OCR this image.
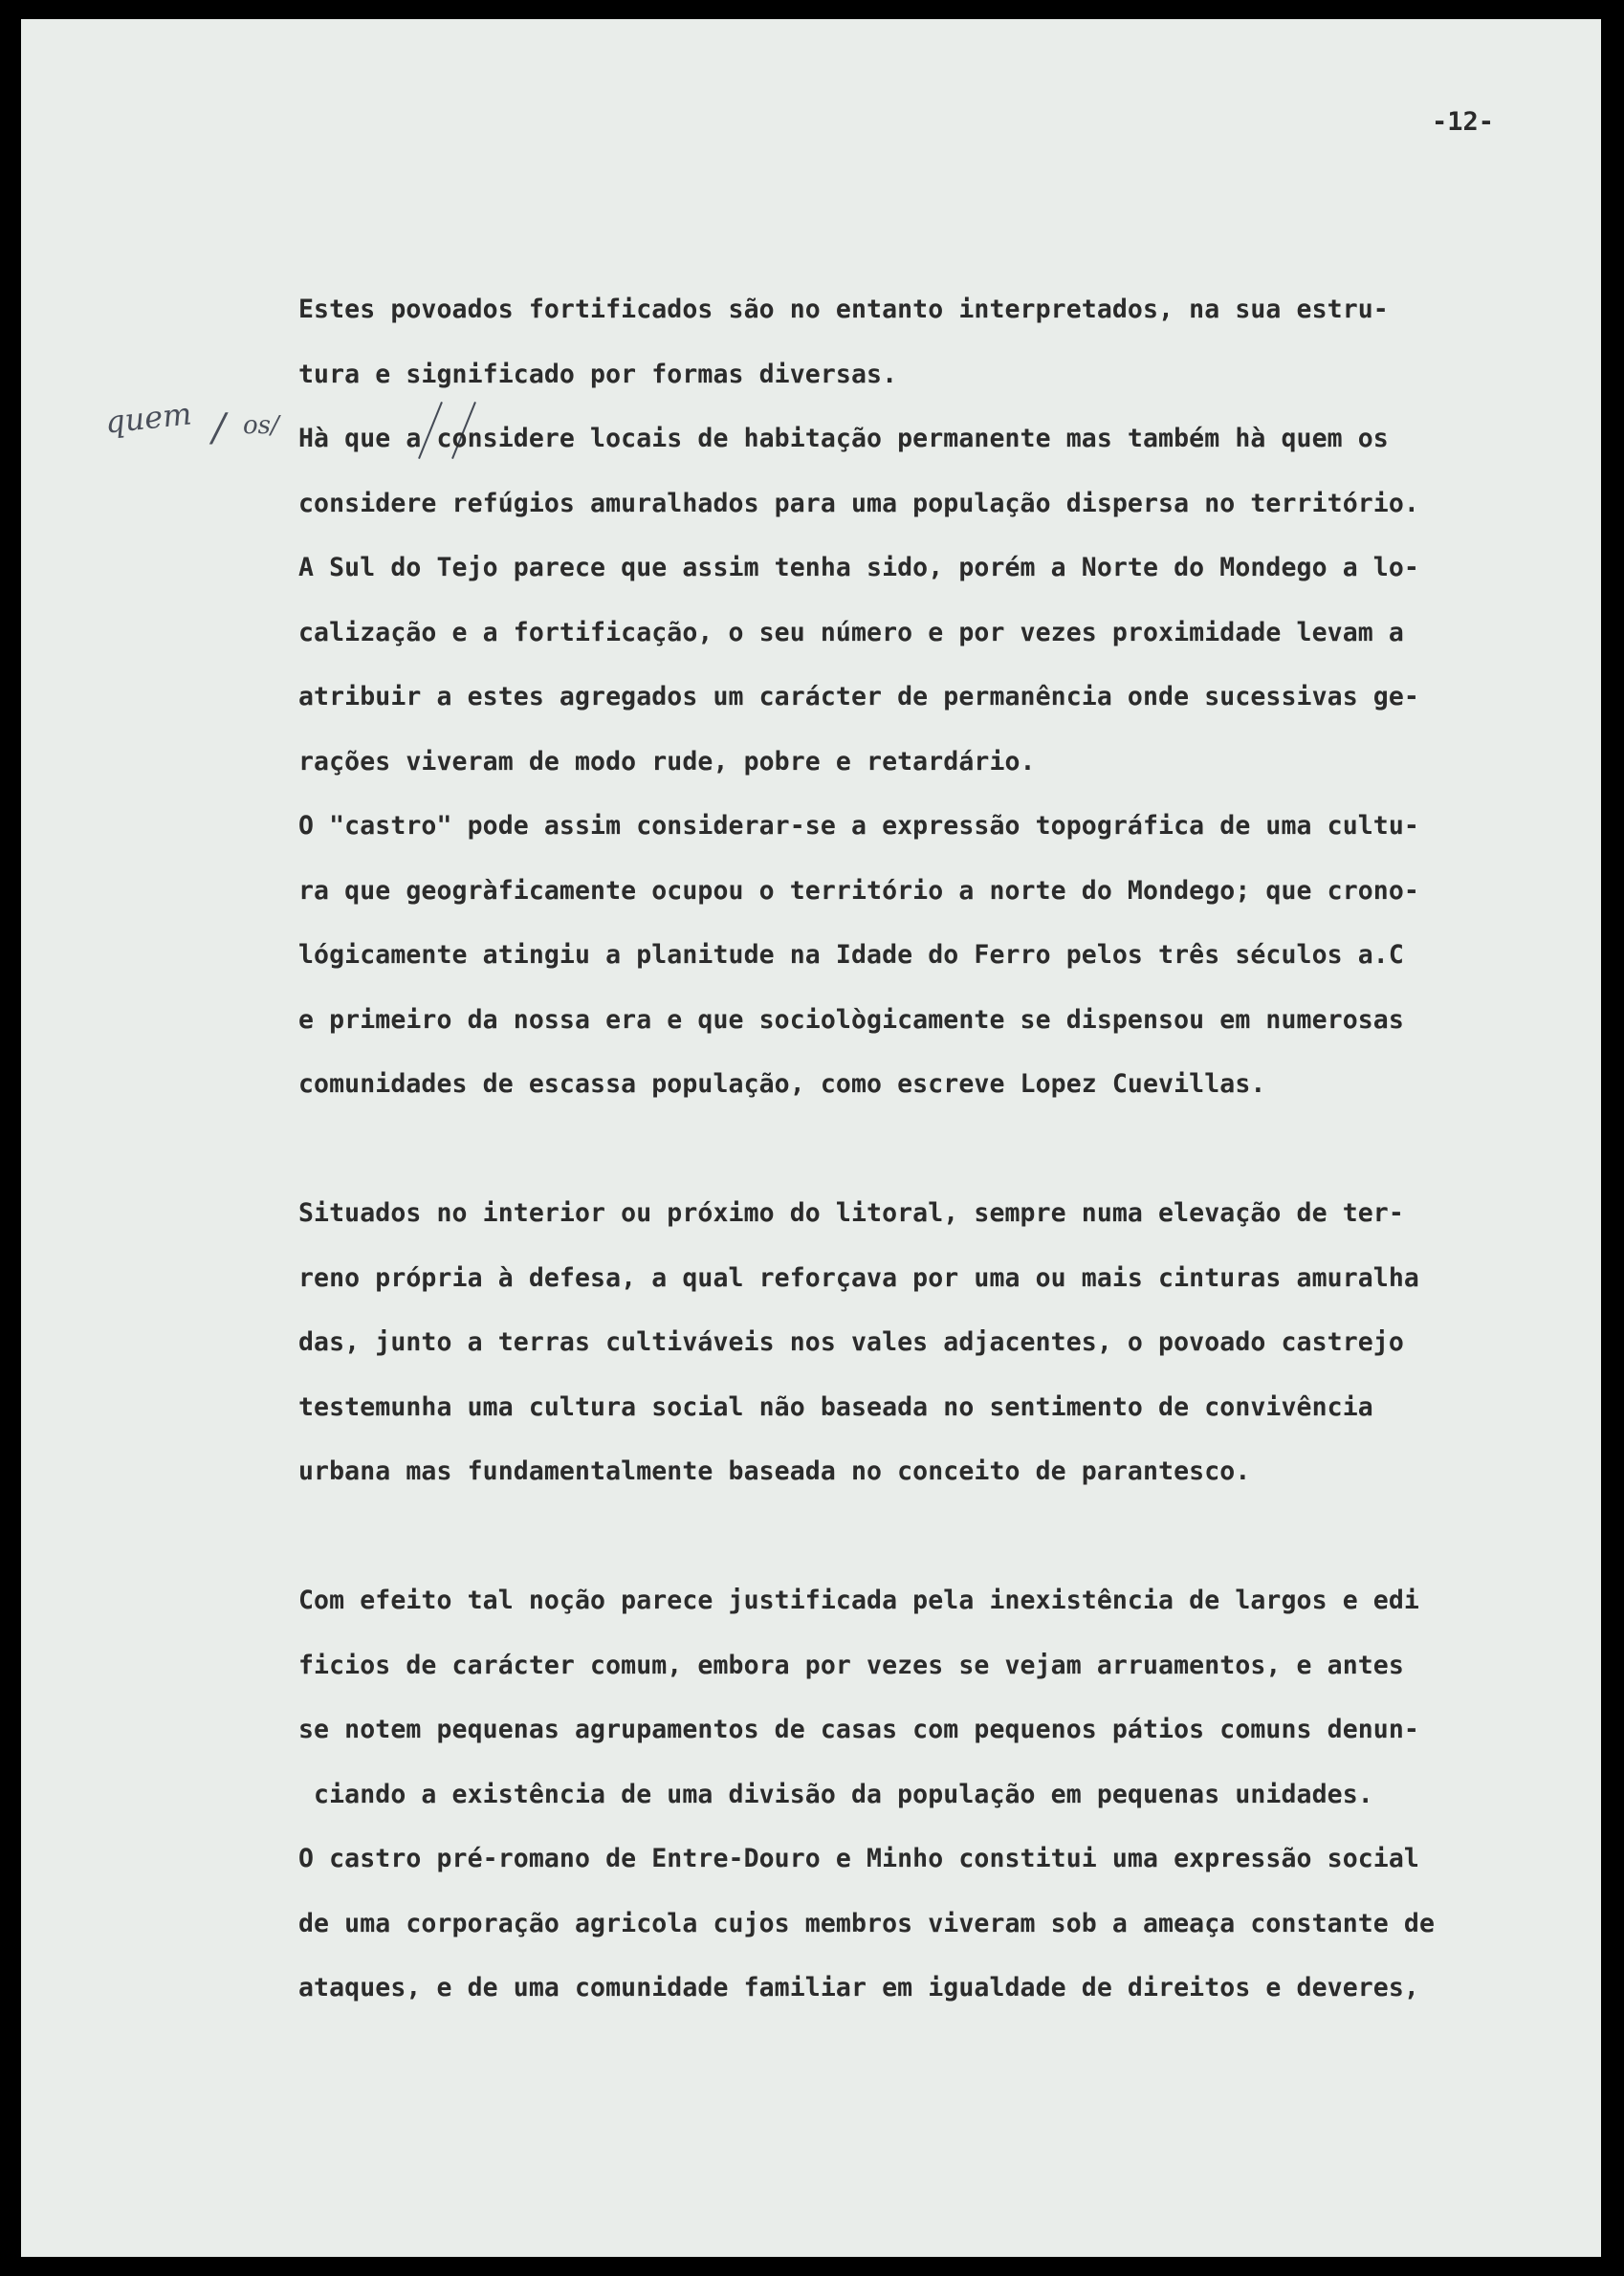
-12-
quem / os/
Estes povoados fortificados são no entanto interpretados, na sua estru-
tura e significado por formas diversas.
Hà que a considere locais de habitação permanente mas também hà quem os
considere refúgios amuralhados para uma população dispersa no território.
A Sul do Tejo parece que assim tenha sido, porém a Norte do Mondego a lo-
calização e a fortificação, o seu número e por vezes proximidade levam a
atribuir a estes agregados um carácter de permanência onde sucessivas ge-
rações viveram de modo rude, pobre e retardário.
O "castro" pode assim considerar-se a expressão topográfica de uma cultu-
ra que geogràficamente ocupou o território a norte do Mondego; que crono-
lógicamente atingiu a planitude na Idade do Ferro pelos três séculos a.C
e primeiro da nossa era e que sociològicamente se dispensou em numerosas
comunidades de escassa população, como escreve Lopez Cuevillas.
Situados no interior ou próximo do litoral, sempre numa elevação de ter-
reno própria à defesa, a qual reforçava por uma ou mais cinturas amuralha
das, junto a terras cultiváveis nos vales adjacentes, o povoado castrejo
testemunha uma cultura social não baseada no sentimento de convivência
urbana mas fundamentalmente baseada no conceito de parantesco.
Com efeito tal noção parece justificada pela inexistência de largos e edi
ficios de carácter comum, embora por vezes se vejam arruamentos, e antes
se notem pequenas agrupamentos de casas com pequenos pátios comuns denun-
ciando a existência de uma divisão da população em pequenas unidades.
O castro pré-romano de Entre-Douro e Minho constitui uma expressão social
de uma corporação agricola cujos membros viveram sob a ameaça constante de
ataques, e de uma comunidade familiar em igualdade de direitos e deveres,
